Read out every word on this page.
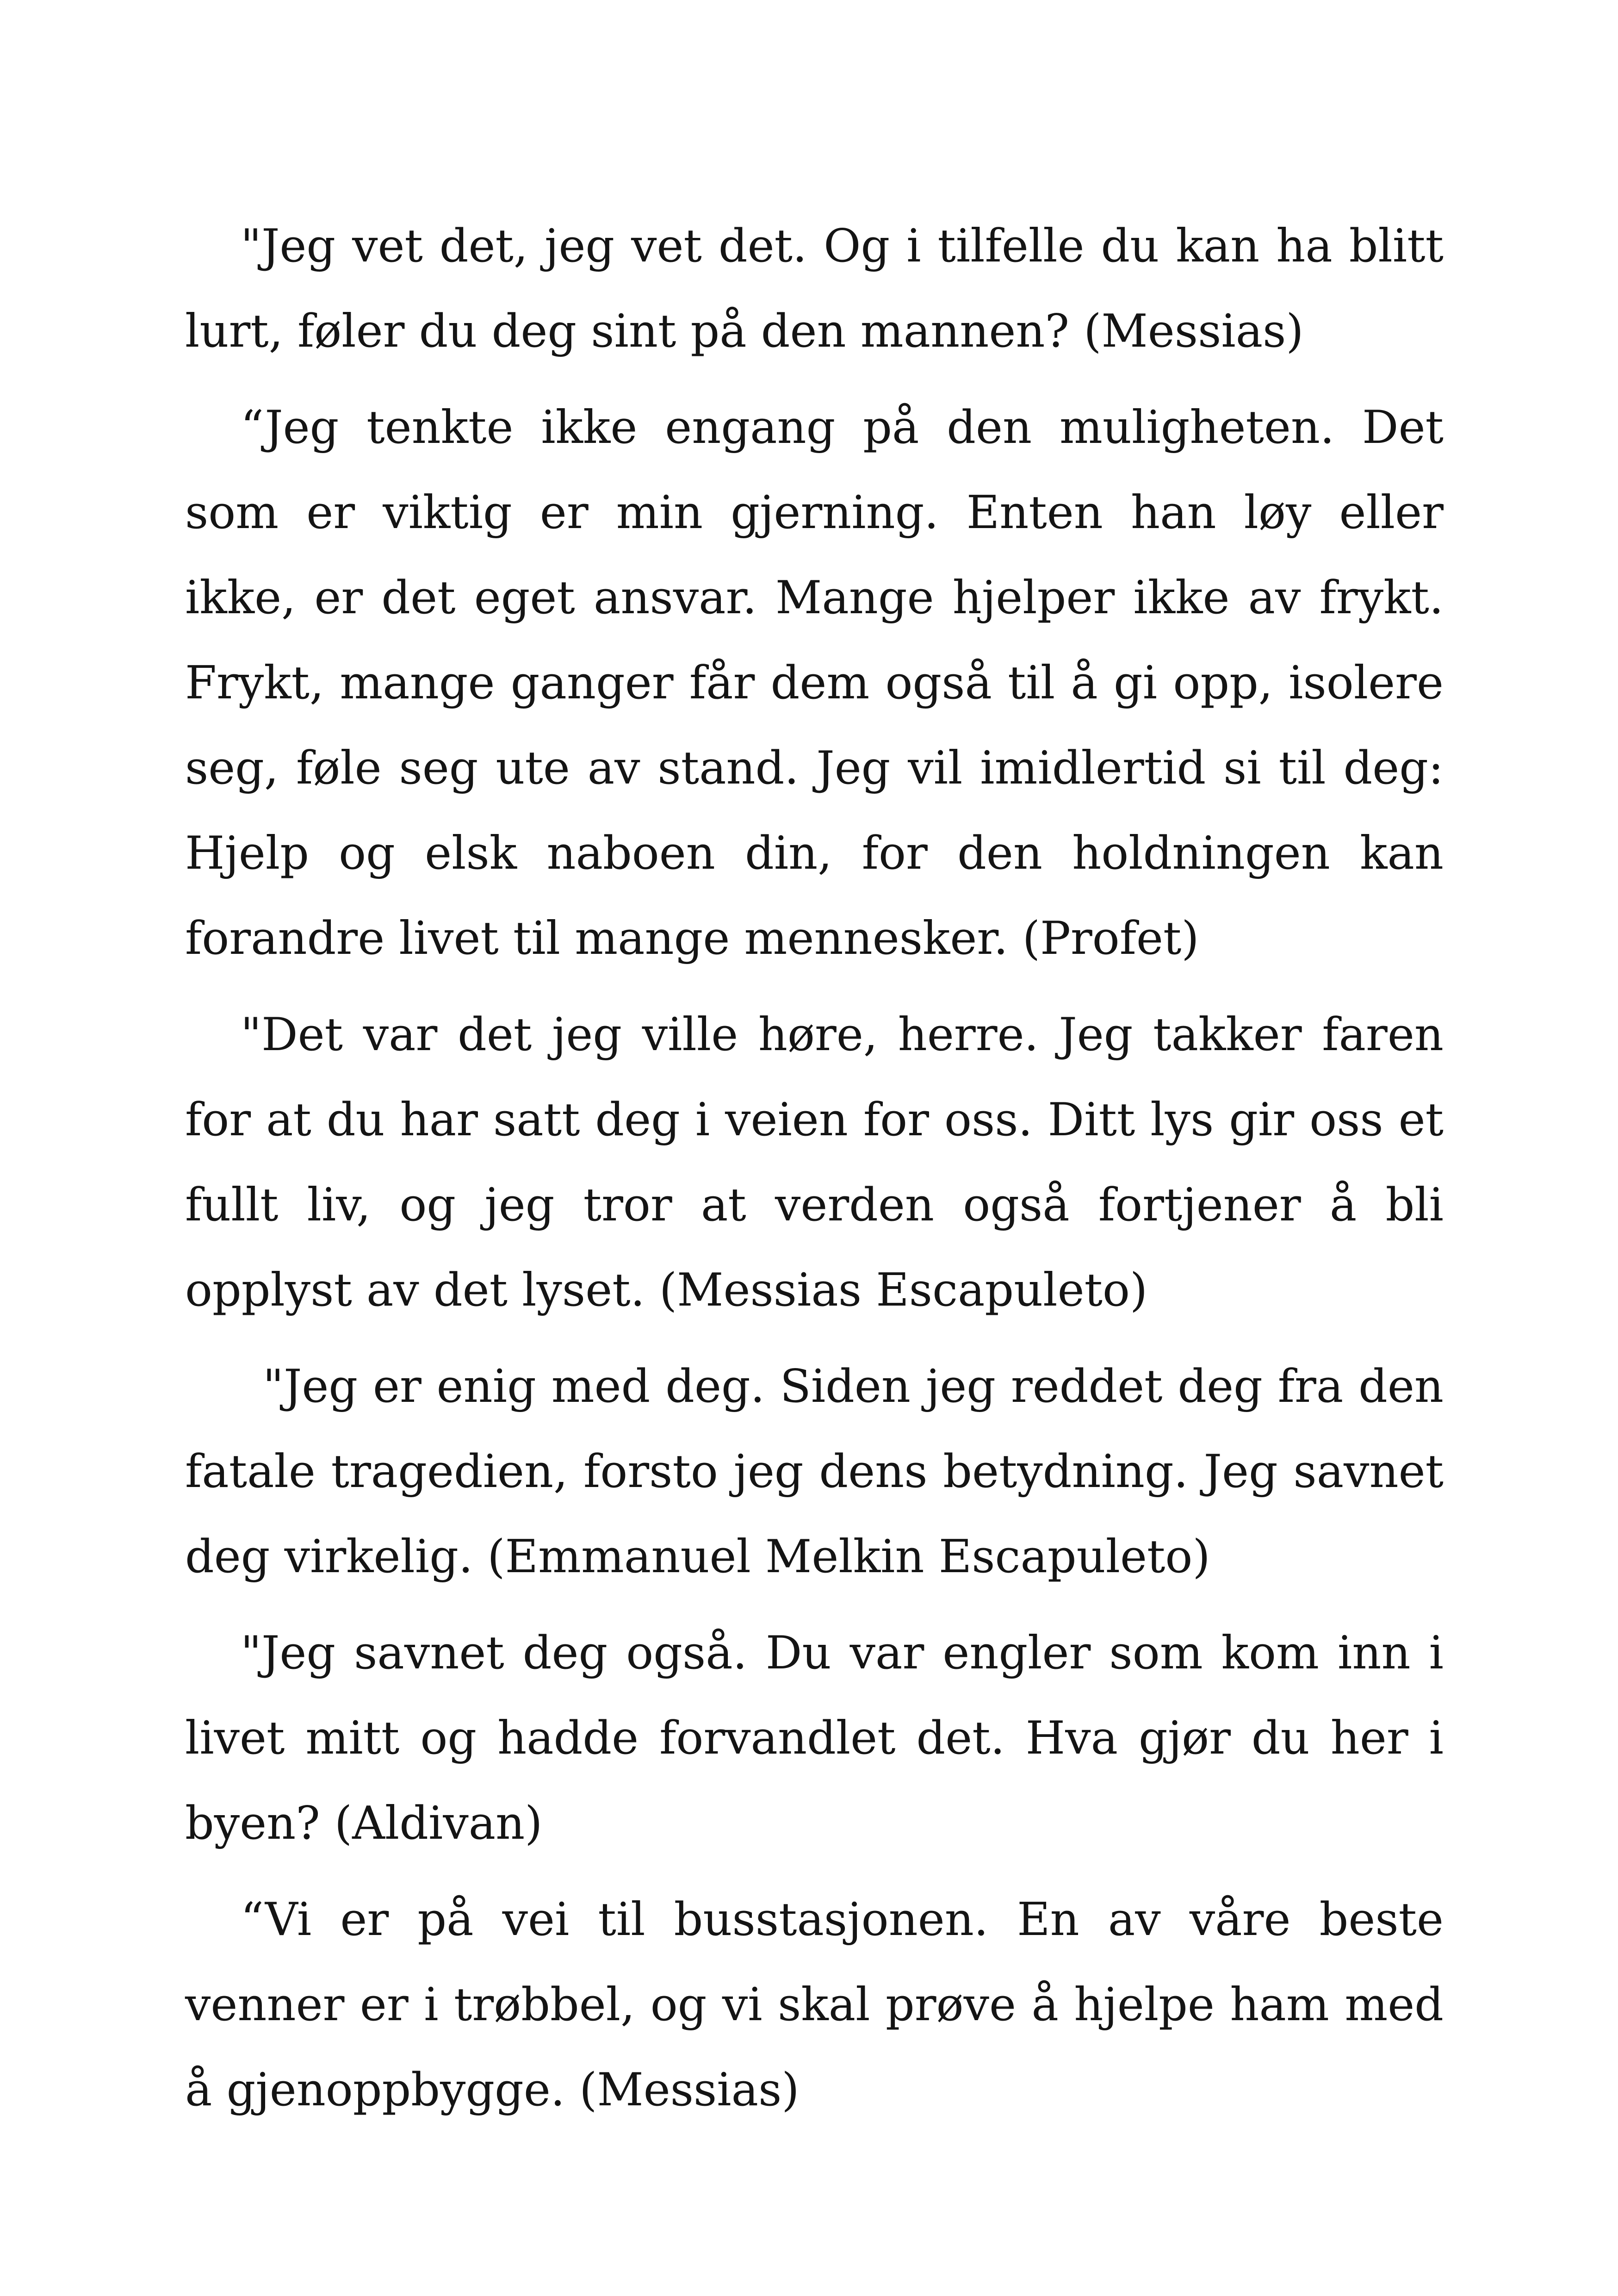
"Jeg vet det, jeg vet det. Og i tilfelle du kan ha blitt lurt, føler du deg sint på den mannen? (Messias)

“Jeg tenkte ikke engang på den muligheten. Det som er viktig er min gjerning. Enten han løy eller ikke, er det eget ansvar. Mange hjelper ikke av frykt. Frykt, mange ganger får dem også til å gi opp, isolere seg, føle seg ute av stand. Jeg vil imidlertid si til deg: Hjelp og elsk naboen din, for den holdningen kan forandre livet til mange mennesker. (Profet)

"Det var det jeg ville høre, herre. Jeg takker faren for at du har satt deg i veien for oss. Ditt lys gir oss et fullt liv, og jeg tror at verden også fortjener å bli opplyst av det lyset. (Messias Escapuleto)

"Jeg er enig med deg. Siden jeg reddet deg fra den fatale tragedien, forsto jeg dens betydning. Jeg savnet deg virkelig. (Emmanuel Melkin Escapuleto)

"Jeg savnet deg også. Du var engler som kom inn i livet mitt og hadde forvandlet det. Hva gjør du her i byen? (Aldivan)

“Vi er på vei til busstasjonen. En av våre beste venner er i trøbbel, og vi skal prøve å hjelpe ham med å gjenoppbygge. (Messias)
